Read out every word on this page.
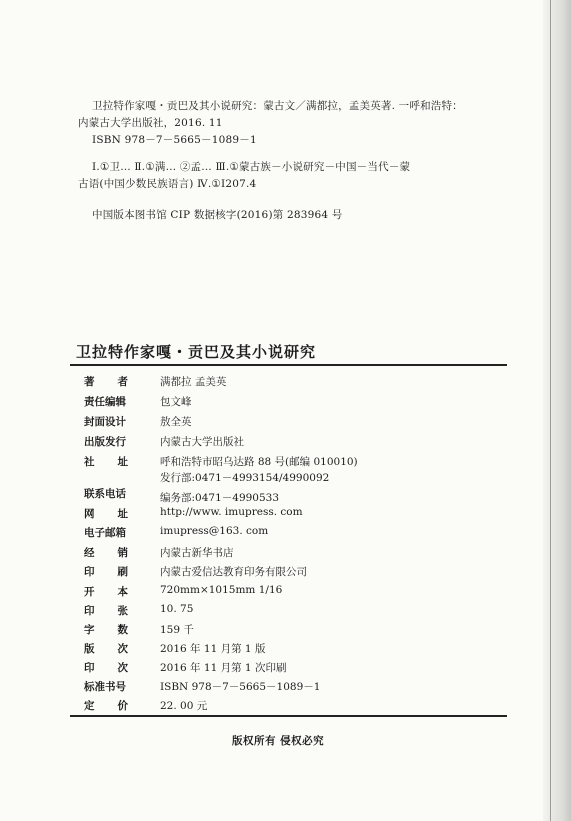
卫拉特作家嘎・贡巴及其小说研究：蒙古文／满都拉，孟美英著. 一呼和浩特：
内蒙古大学出版社，2016. 11
ISBN 978－7－5665－1089－1
Ⅰ.①卫… Ⅱ.①满… ②孟… Ⅲ.①蒙古族－小说研究－中国－当代－蒙
古语(中国少数民族语言) Ⅳ.①I207.4
中国版本图书馆 CIP 数据核字(2016)第 283964 号
卫拉特作家嘎・贡巴及其小说研究
著者 满都拉 孟美英
责任编辑	包文峰
封面设计	敖全英
出版发行	内蒙古大学出版社
社址 呼和浩特市昭乌达路 88 号(邮编 010010)
联系电话
发行部:0471－4993154/4990092
编务部:0471－4990533
网址 http://www. imupress. com
电子邮箱	imupress@163. com
经销 内蒙古新华书店
印刷 内蒙古爱信达教育印务有限公司
开本 720mm×1015mm 1/16
印张 10. 75
字数 159 千
版次 2016 年 11 月第 1 版
印次 2016 年 11 月第 1 次印刷
标准书号	ISBN 978－7－5665－1089－1
定价 22. 00 元
版权所有 侵权必究
